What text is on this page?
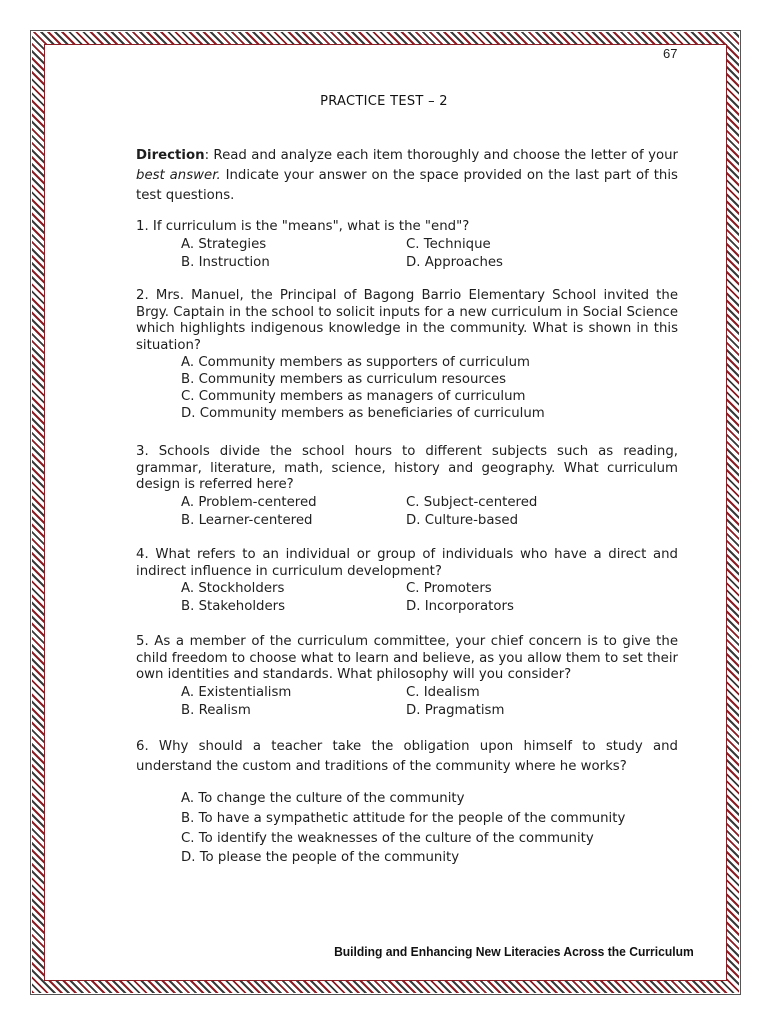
67
PRACTICE TEST – 2
Direction: Read and analyze each item thoroughly and choose the letter of your best answer. Indicate your answer on the space provided on the last part of this test questions.
1. If curriculum is the "means", what is the "end"?
A. Strategies	C. Technique
B. Instruction	D. Approaches
2. Mrs. Manuel, the Principal of Bagong Barrio Elementary School invited the Brgy. Captain in the school to solicit inputs for a new curriculum in Social Science which highlights indigenous knowledge in the community. What is shown in this situation?
A. Community members as supporters of curriculum
B. Community members as curriculum resources
C. Community members as managers of curriculum
D. Community members as beneficiaries of curriculum
3. Schools divide the school hours to different subjects such as reading, grammar, literature, math, science, history and geography. What curriculum design is referred here?
A. Problem-centered	C. Subject-centered
B. Learner-centered	D. Culture-based
4. What refers to an individual or group of individuals who have a direct and indirect influence in curriculum development?
A. Stockholders	C. Promoters
B. Stakeholders	D. Incorporators
5. As a member of the curriculum committee, your chief concern is to give the child freedom to choose what to learn and believe, as you allow them to set their own identities and standards. What philosophy will you consider?
A. Existentialism	C. Idealism
B. Realism	D. Pragmatism
6. Why should a teacher take the obligation upon himself to study and understand the custom and traditions of the community where he works?
A. To change the culture of the community
B. To have a sympathetic attitude for the people of the community
C. To identify the weaknesses of the culture of the community
D. To please the people of the community
Building and Enhancing New Literacies Across the Curriculum
